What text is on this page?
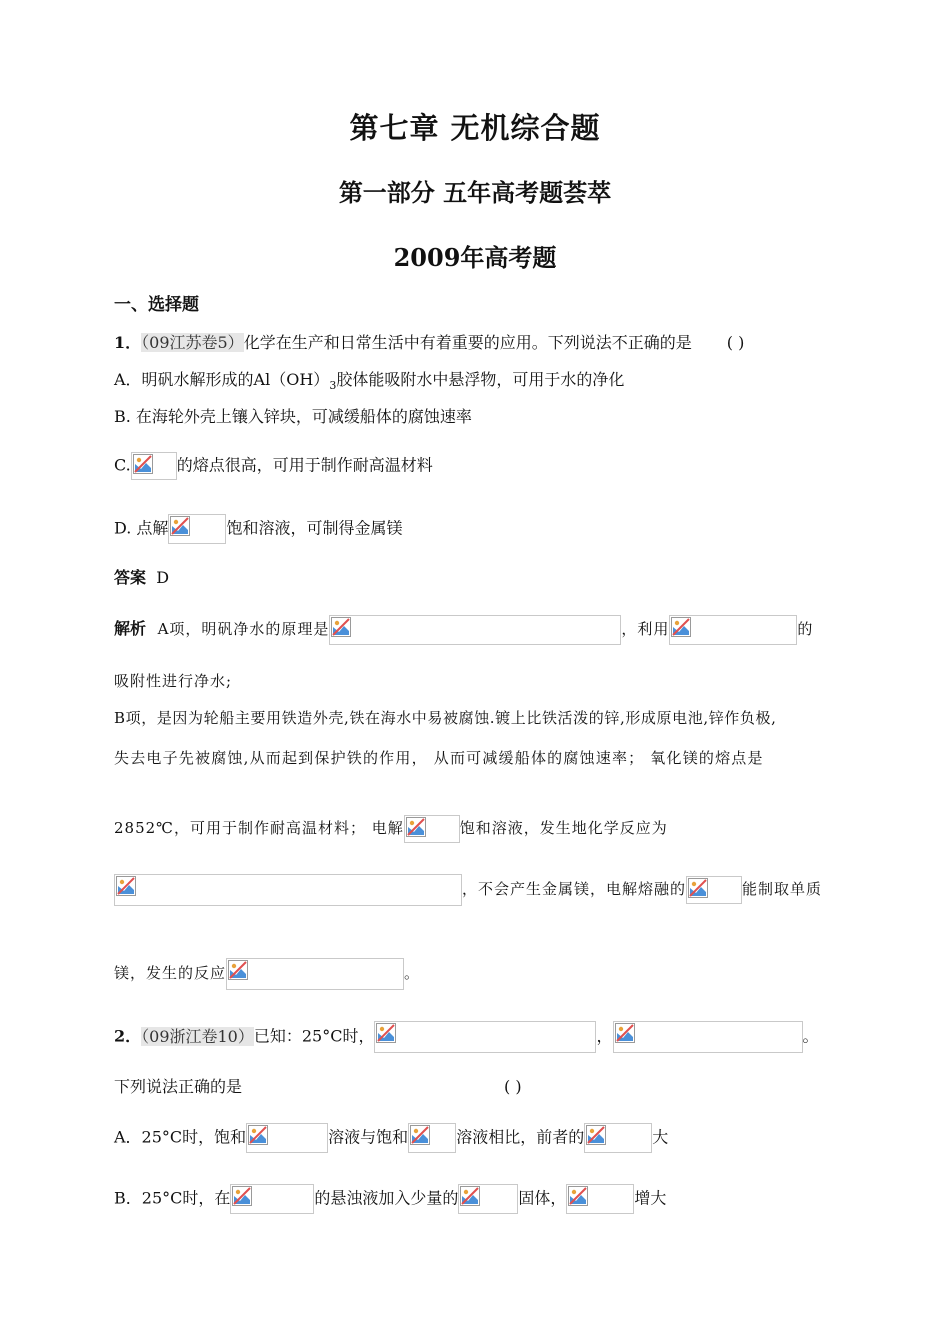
第七章 无机综合题
第一部分 五年高考题荟萃
2009年高考题
一、选择题
1．（09江苏卷5）化学在生产和日常生活中有着重要的应用。下列说法不正确的是 ( )
A．明矾水解形成的$Al(OH)_3$胶体能吸附水中悬浮物，可用于水的净化
B. 在海轮外壳上镶入锌块，可减缓船体的腐蚀速率
C.	的熔点很高，可用于制作耐高温材料
D. 点解	饱和溶液，可制得金属镁
答案 D
解析 A项，明矾净水的原理是	，利用	的
吸附性进行净水;
B项，是因为轮船主要用铁造外壳,铁在海水中易被腐蚀.镀上比铁活泼的锌,形成原电池,锌作负极,
失去电子先被腐蚀,从而起到保护铁的作用， 从而可减缓船体的腐蚀速率； 氧化镁的熔点是
2852℃，可用于制作耐高温材料； 电解	饱和溶液，发生地化学反应为
，不会产生金属镁，电解熔融的	能制取单质
镁，发生的反应	。
2．（09浙江卷10）已知：25°C时，	，	。
下列说法正确的是	( )
A．25°C时，饱和	溶液与饱和	溶液相比，前者的	大
B．25°C时，在	的悬浊液加入少量的	固体，	增大
